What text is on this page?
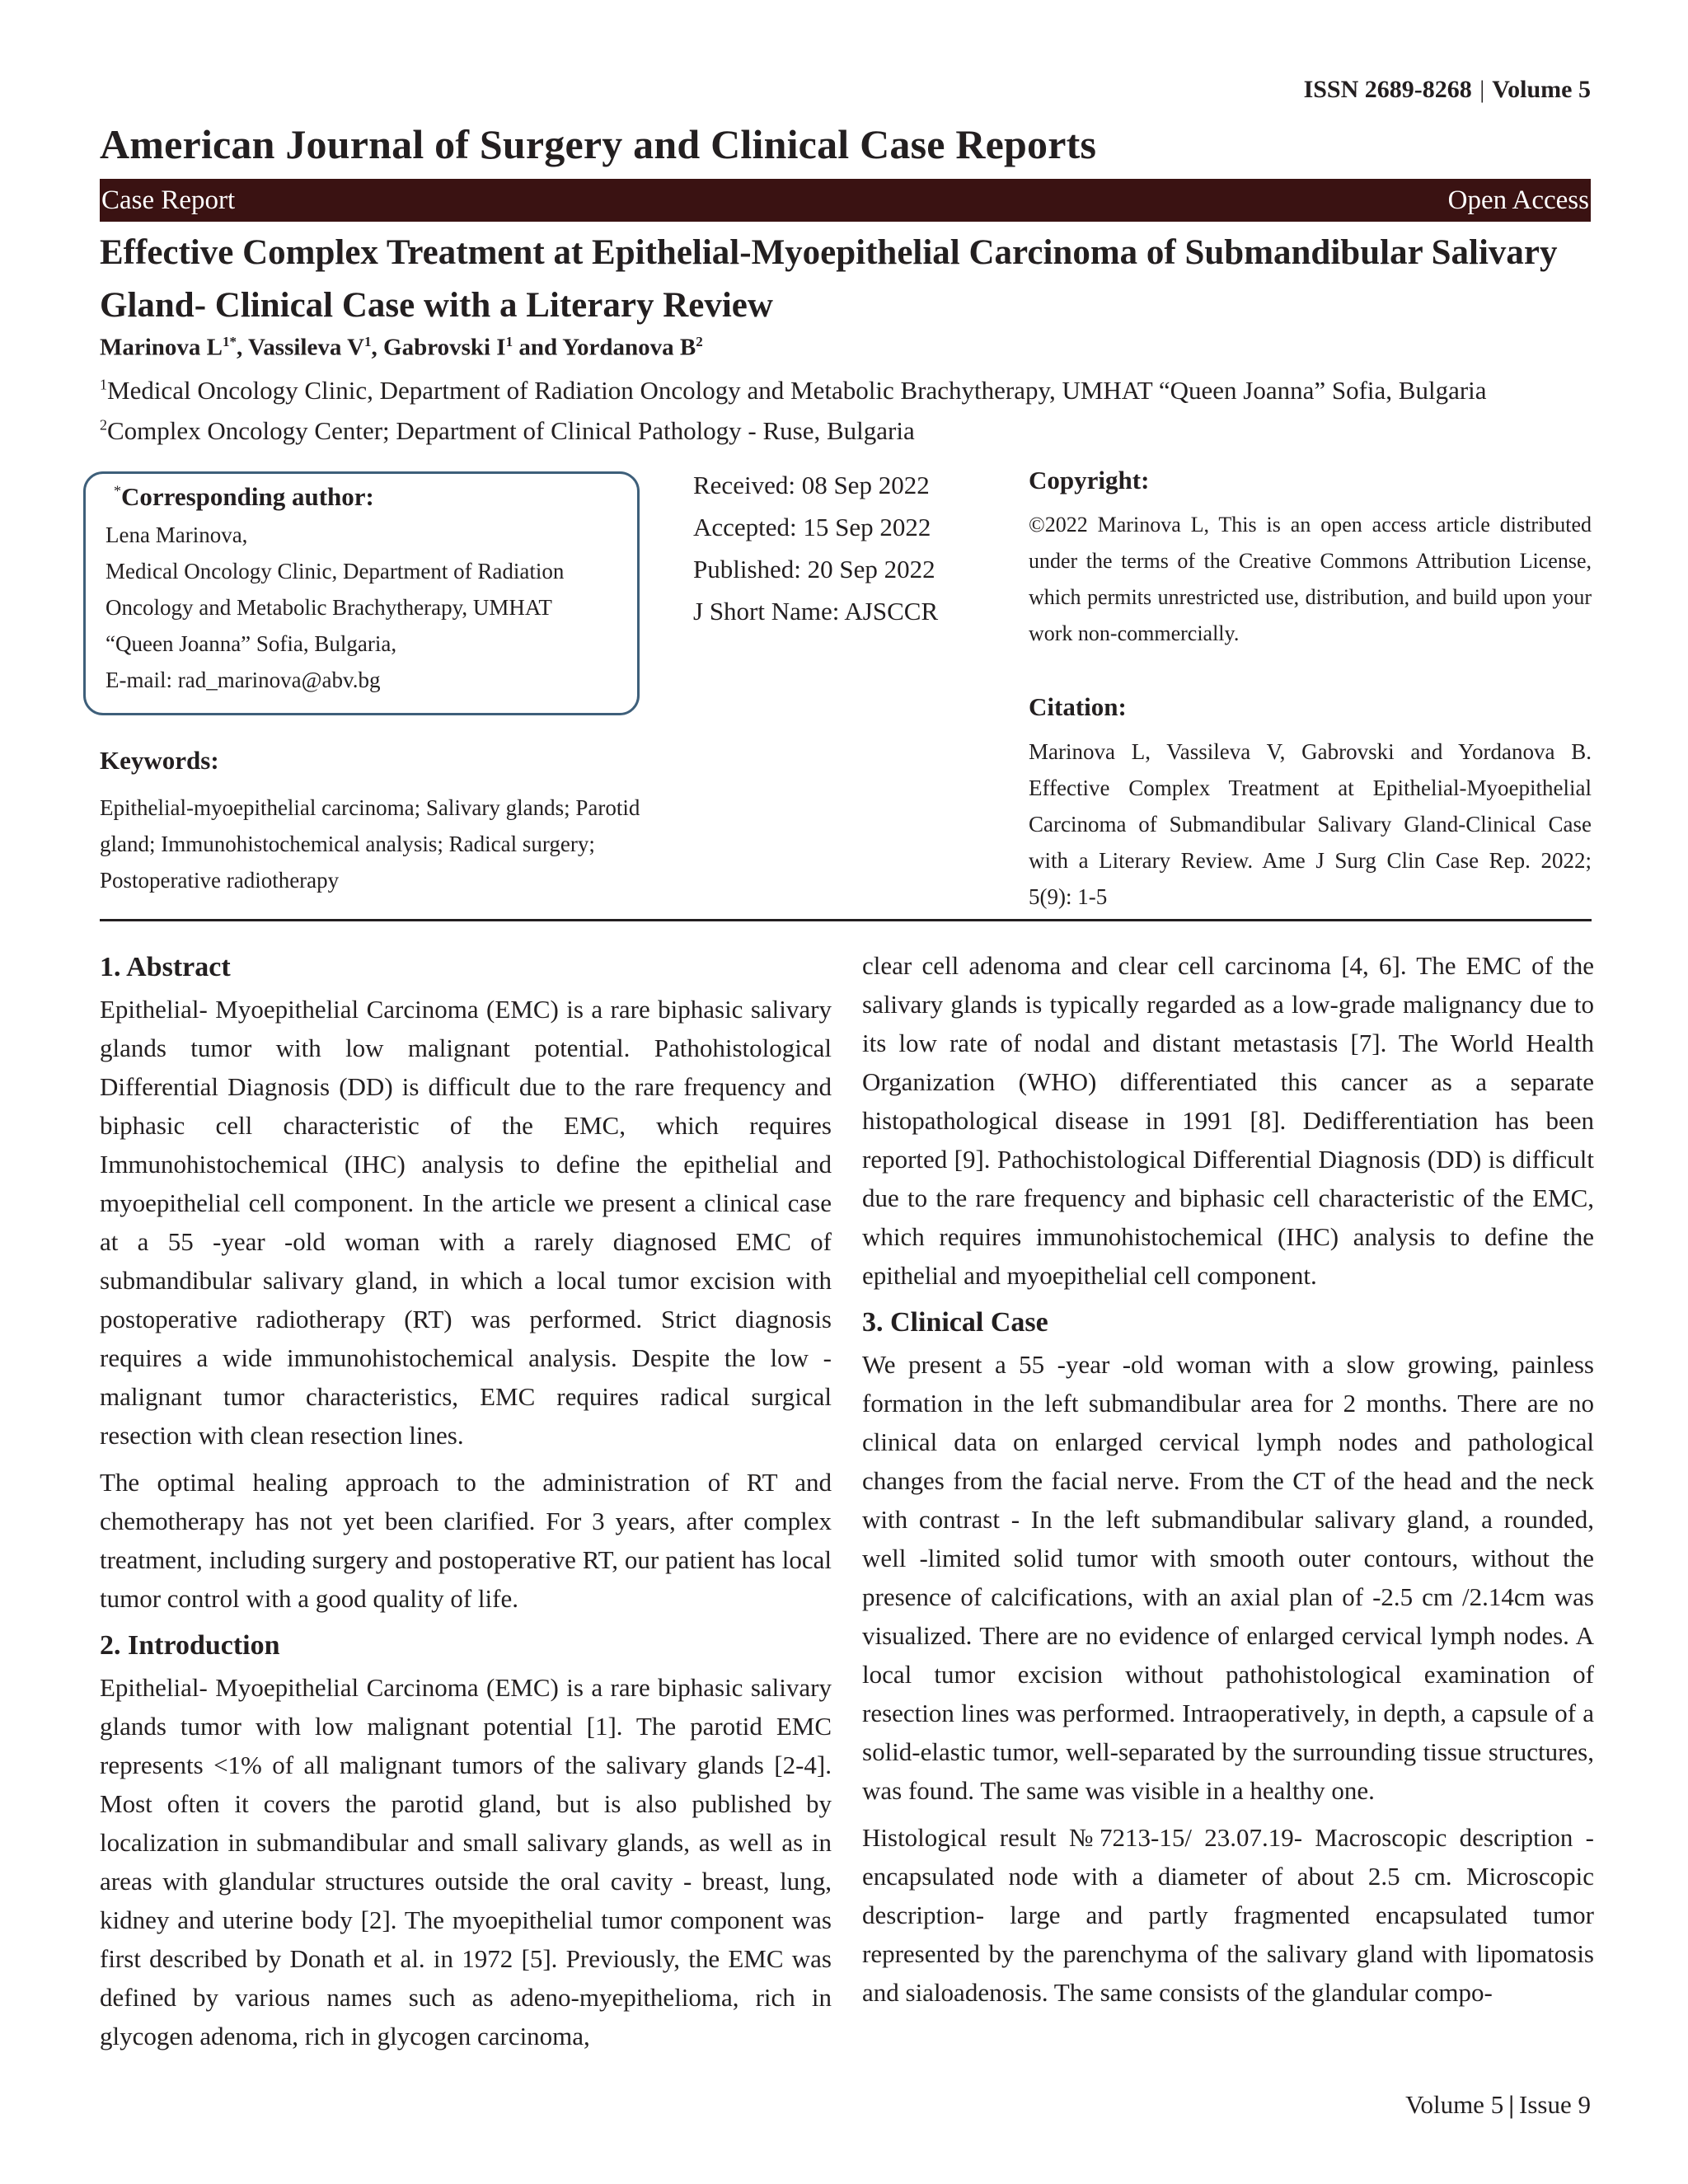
ISSN 2689-8268 | Volume 5
American Journal of Surgery and Clinical Case Reports
Case Report	Open Access
Effective Complex Treatment at Epithelial-Myoepithelial Carcinoma of Submandibular Salivary Gland- Clinical Case with a Literary Review
Marinova $L^{1*}$, Vassileva $V^1$, Gabrovski $I^1$ and Yordanova $B^2$
$^1$Medical Oncology Clinic, Department of Radiation Oncology and Metabolic Brachytherapy, UMHAT “Queen Joanna” Sofia, Bulgaria
$^2$Complex Oncology Center; Department of Clinical Pathology - Ruse, Bulgaria
*Corresponding author:
Lena Marinova,
Medical Oncology Clinic, Department of Radiation
Oncology and Metabolic Brachytherapy, UMHAT
“Queen Joanna” Sofia, Bulgaria,
E-mail: rad_marinova@abv.bg
Received: 08 Sep 2022
Accepted: 15 Sep 2022
Published: 20 Sep 2022
J Short Name: AJSCCR
Copyright:
©2022 Marinova L, This is an open access article distributed under the terms of the Creative Commons Attribution License, which permits unrestricted use, distribution, and build upon your work non-commercially.
Citation:
Marinova L, Vassileva V, Gabrovski and Yordanova B. Effective Complex Treatment at Epithelial-Myoepithelial Carcinoma of Submandibular Salivary Gland-Clinical Case with a Literary Review. Ame J Surg Clin Case Rep. 2022; 5(9): 1-5
Keywords:
Epithelial-myoepithelial carcinoma; Salivary glands; Parotid gland; Immunohistochemical analysis; Radical surgery; Postoperative radiotherapy
1. Abstract

Epithelial- Myoepithelial Carcinoma (EMC) is a rare biphasic salivary glands tumor with low malignant potential. Pathohistological Differential Diagnosis (DD) is difficult due to the rare frequency and biphasic cell characteristic of the EMC, which requires Immunohistochemical (IHC) analysis to define the epithelial and myoepithelial cell component. In the article we present a clinical case at a 55 -year -old woman with a rarely diagnosed EMC of submandibular salivary gland, in which a local tumor excision with postoperative radiotherapy (RT) was performed. Strict diagnosis requires a wide immunohistochemical analysis. Despite the low -malignant tumor characteristics, EMC requires radical surgical resection with clean resection lines.

The optimal healing approach to the administration of RT and chemotherapy has not yet been clarified. For 3 years, after complex treatment, including surgery and postoperative RT, our patient has local tumor control with a good quality of life.

2. Introduction

Epithelial- Myoepithelial Carcinoma (EMC) is a rare biphasic salivary glands tumor with low malignant potential [1]. The parotid EMC represents <1% of all malignant tumors of the salivary glands [2-4]. Most often it covers the parotid gland, but is also published by localization in submandibular and small salivary glands, as well as in areas with glandular structures outside the oral cavity - breast, lung, kidney and uterine body [2]. The myoepithelial tumor component was first described by Donath et al. in 1972 [5]. Previously, the EMC was defined by various names such as adeno-myepithelioma, rich in glycogen adenoma, rich in glycogen carcinoma,

clear cell adenoma and clear cell carcinoma [4, 6]. The EMC of the salivary glands is typically regarded as a low-grade malignancy due to its low rate of nodal and distant metastasis [7]. The World Health Organization (WHO) differentiated this cancer as a separate histopathological disease in 1991 [8]. Dedifferentiation has been reported [9]. Pathochistological Differential Diagnosis (DD) is difficult due to the rare frequency and biphasic cell characteristic of the EMC, which requires immunohistochemical (IHC) analysis to define the epithelial and myoepithelial cell component.

3. Clinical Case

We present a 55 -year -old woman with a slow growing, painless formation in the left submandibular area for 2 months. There are no clinical data on enlarged cervical lymph nodes and pathological changes from the facial nerve. From the CT of the head and the neck with contrast - In the left submandibular salivary gland, a rounded, well -limited solid tumor with smooth outer contours, without the presence of calcifications, with an axial plan of -2.5 cm /2.14cm was visualized. There are no evidence of enlarged cervical lymph nodes. A local tumor excision without pathohistological examination of resection lines was performed. Intraoperatively, in depth, a capsule of a solid-elastic tumor, well-separated by the surrounding tissue structures, was found. The same was visible in a healthy one.

Histological result №7213-15/ 23.07.19- Macroscopic description - encapsulated node with a diameter of about 2.5 cm. Microscopic description- large and partly fragmented encapsulated tumor represented by the parenchyma of the salivary gland with lipomatosis and sialoadenosis. The same consists of the glandular compo-

Volume 5 | Issue 9
